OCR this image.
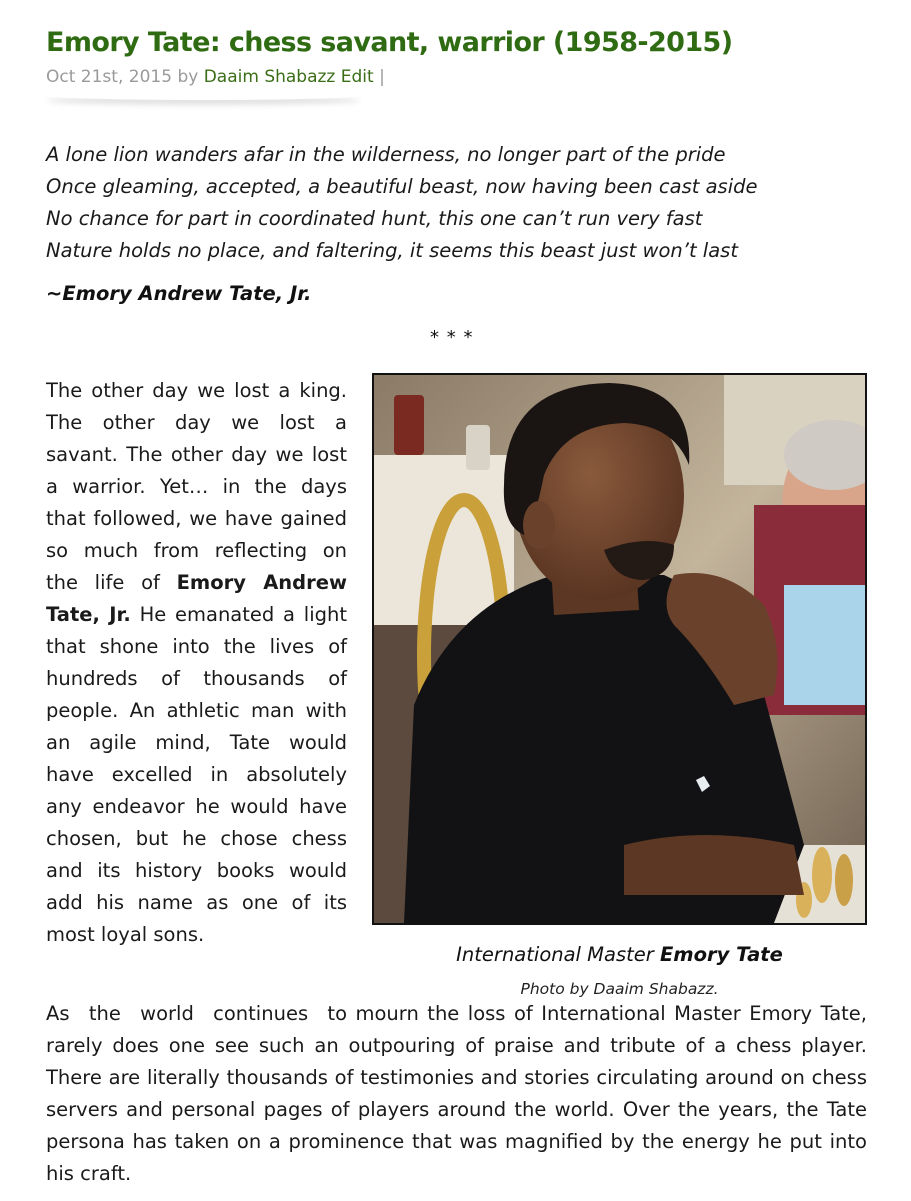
Emory Tate: chess savant, warrior (1958-2015)
Oct 21st, 2015 by Daaim Shabazz Edit |
A lone lion wanders afar in the wilderness, no longer part of the pride
Once gleaming, accepted, a beautiful beast, now having been cast aside
No chance for part in coordinated hunt, this one can’t run very fast
Nature holds no place, and faltering, it seems this beast just won’t last
~Emory Andrew Tate, Jr.
* * *

The other day we lost a king. The other day we lost a savant. The other day we lost a warrior. Yet… in the days that followed, we have gained so much from reflecting on the life of Emory Andrew Tate, Jr. He emanated a light that shone into the lives of hundreds of thousands of people. An athletic man with an agile mind, Tate would have excelled in absolutely any endeavor he would have chosen, but he chose chess and its history books would add his name as one of its most loyal sons.

International Master Emory Tate
Photo by Daaim Shabazz.

As the world continues to mourn the loss of International Master Emory Tate, rarely does one see such an outpouring of praise and tribute of a chess player. There are literally thousands of testimonies and stories circulating around on chess servers and personal pages of players around the world. Over the years, the Tate persona has taken on a prominence that was magnified by the energy he put into his craft.
